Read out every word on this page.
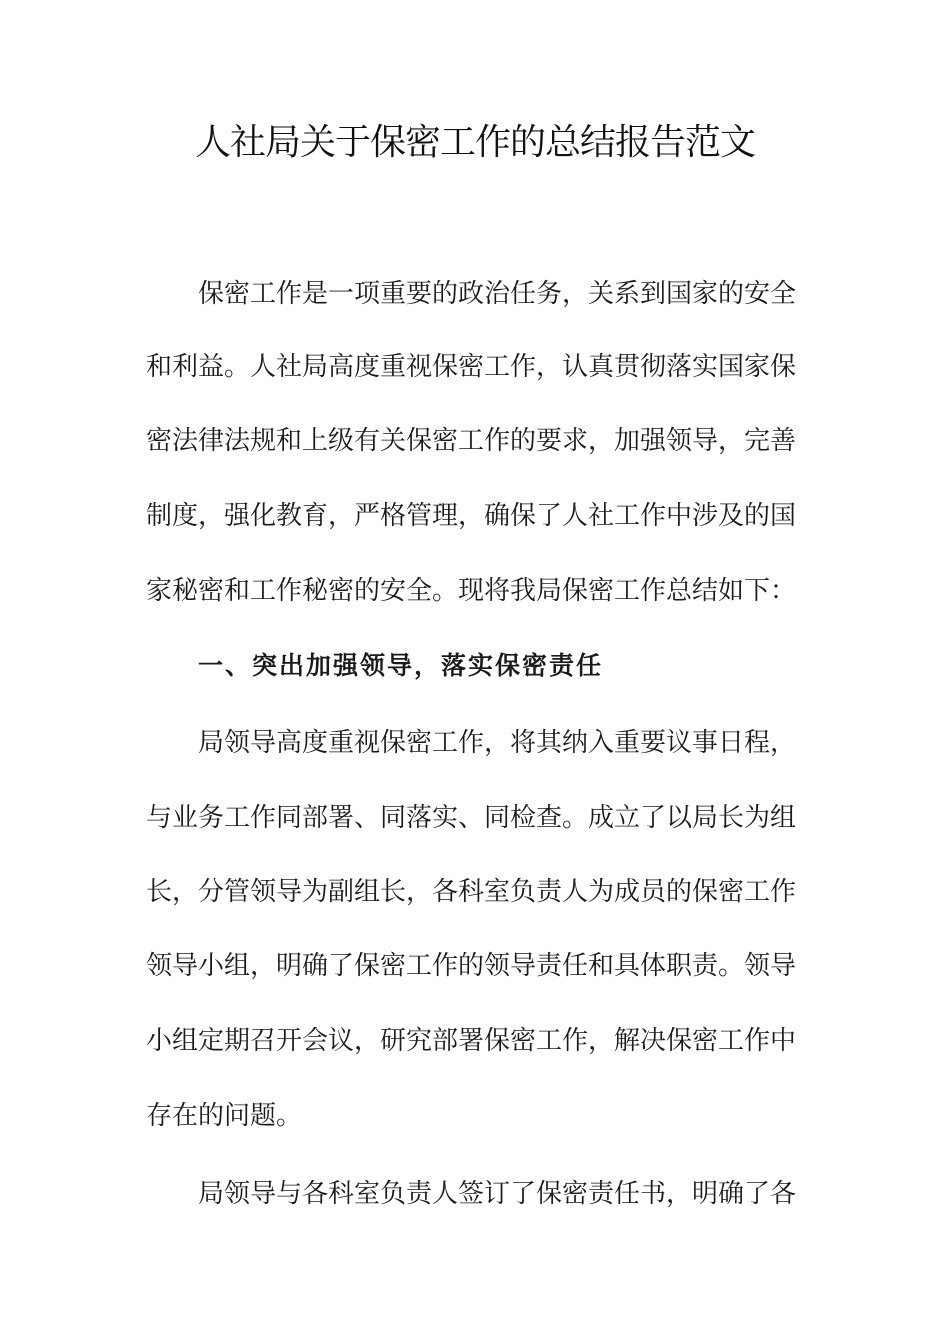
人社局关于保密工作的总结报告范文
保密工作是一项重要的政治任务，关系到国家的安全
和利益。人社局高度重视保密工作，认真贯彻落实国家保
密法律法规和上级有关保密工作的要求，加强领导，完善
制度，强化教育，严格管理，确保了人社工作中涉及的国
家秘密和工作秘密的安全。现将我局保密工作总结如下：
一、突出加强领导，落实保密责任
局领导高度重视保密工作，将其纳入重要议事日程，
与业务工作同部署、同落实、同检查。成立了以局长为组
长，分管领导为副组长，各科室负责人为成员的保密工作
领导小组，明确了保密工作的领导责任和具体职责。领导
小组定期召开会议，研究部署保密工作，解决保密工作中
存在的问题。
局领导与各科室负责人签订了保密责任书，明确了各
